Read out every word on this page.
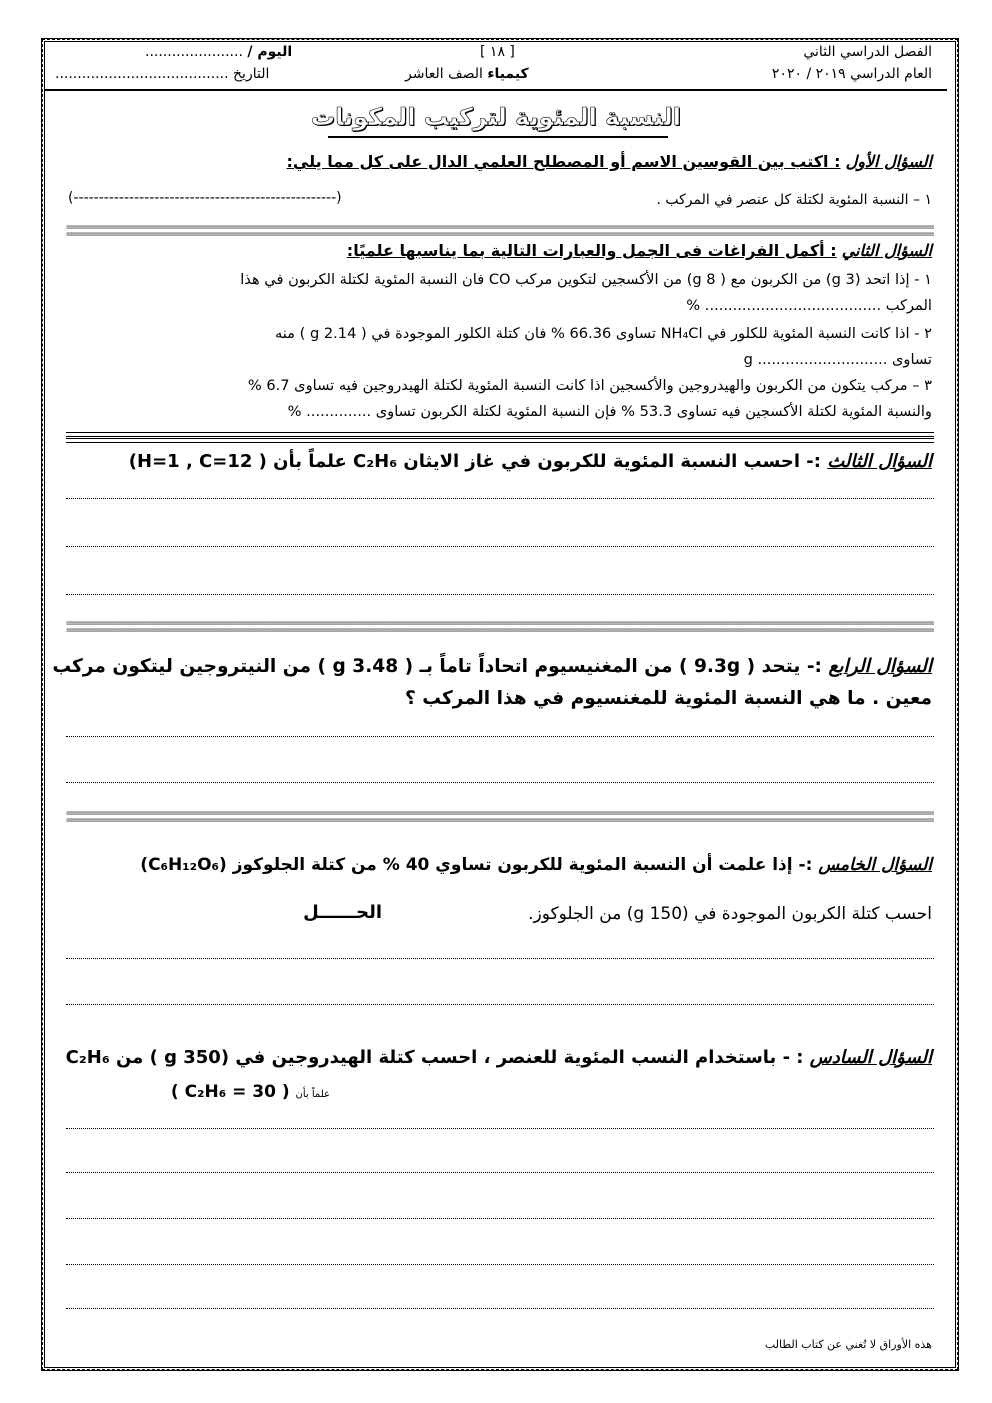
الفصل الدراسي الثاني
العام الدراسي ٢٠١٩ / ٢٠٢٠
[ ١٨ ]
كيمياء الصف العاشر
اليوم / ......................
التاريخ .......................................
النسبة المئوية لتركيب المكونات
السؤال الأول : اكتب بين القوسين الاسم أو المصطلح العلمي الدال على كل مما يلي:
١ – النسبة المئوية لكتلة كل عنصر في المركب .
(----------------------------------------------------)
=====
=====
السؤال الثاني : أكمل الفراغات فى الجمل والعبارات التالية بما يناسبها علميًا:
١ - إذا اتحد (3 g) من الكربون مع ( 8 g) من الأكسجين لتكوين مركب CO فان النسبة المئوية لكتلة الكربون في هذا
المركب ...................................... %
٢ - اذا كانت النسبة المئوية للكلور في NH₄Cl تساوى 66.36 % فان كتلة الكلور الموجودة في ( 2.14 g ) منه
تساوى ............................ g
٣ – مركب يتكون من الكربون والهيدروجين والأكسجين اذا كانت النسبة المئوية لكتلة الهيدروجين فيه تساوى 6.7 %
والنسبة المئوية لكتلة الأكسجين فيه تساوى 53.3 % فإن النسبة المئوية لكتلة الكربون تساوى .............. %
السؤال الثالث :- احسب النسبة المئوية للكربون في غاز الايثان C₂H₆ علماً بأن ( H=1 , C=12)
=====
=====
السؤال الرابع :- يتحد ( 9.3g ) من المغنيسيوم اتحاداً تاماً بـ ( 3.48 g ) من النيتروجين ليتكون مركب
معين . ما هي النسبة المئوية للمغنسيوم في هذا المركب ؟
=====
=====
السؤال الخامس :- إذا علمت أن النسبة المئوية للكربون تساوي 40 % من كتلة الجلوكوز (C₆H₁₂O₆)
احسب كتلة الكربون الموجودة في (150 g) من الجلوكوز.
الحــــــل
السؤال السادس : - باستخدام النسب المئوية للعنصر ، احسب كتلة الهيدروجين في (350 g ) من C₂H₆
علماً بأن ( C₂H₆ = 30 )
هذه الأوراق لا تُغني عن كتاب الطالب
